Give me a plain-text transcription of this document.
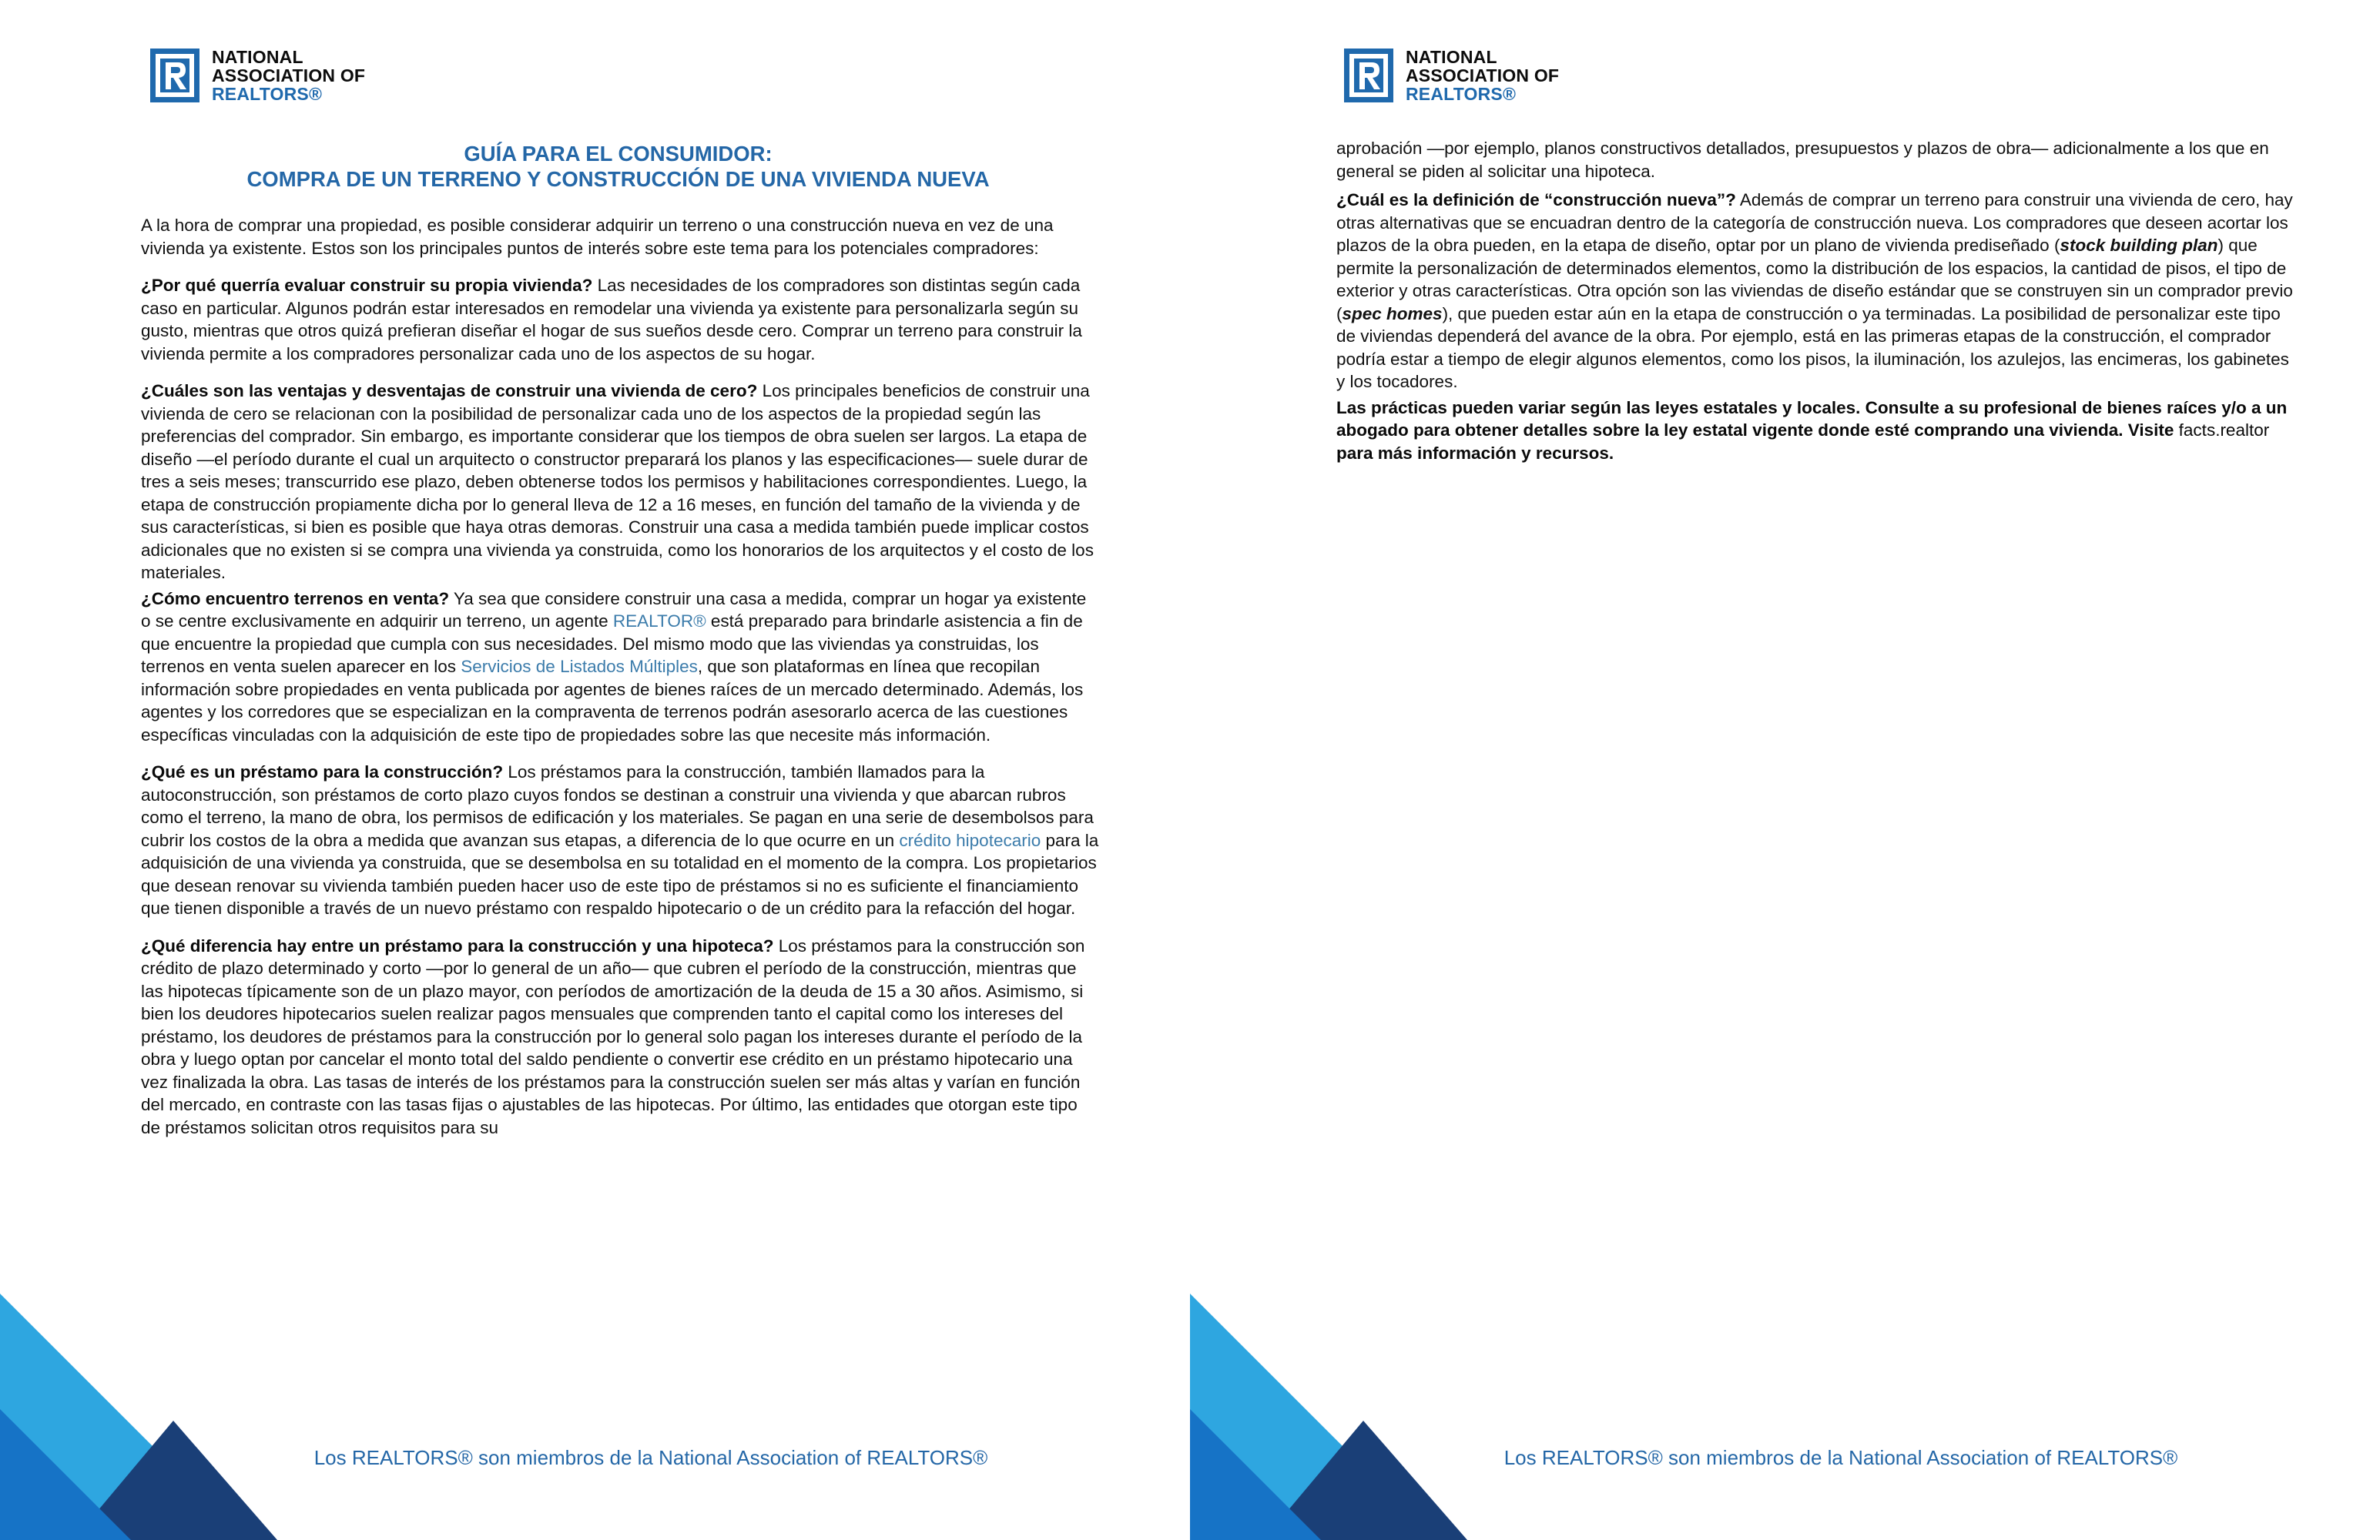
NATIONAL
ASSOCIATION OF
REALTORS®
GUÍA PARA EL CONSUMIDOR:
COMPRA DE UN TERRENO Y CONSTRUCCIÓN DE UNA VIVIENDA NUEVA

A la hora de comprar una propiedad, es posible considerar adquirir un terreno o una construcción nueva en vez de una vivienda ya existente. Estos son los principales puntos de interés sobre este tema para los potenciales compradores:

¿Por qué querría evaluar construir su propia vivienda? Las necesidades de los compradores son distintas según cada caso en particular. Algunos podrán estar interesados en remodelar una vivienda ya existente para personalizarla según su gusto, mientras que otros quizá prefieran diseñar el hogar de sus sueños desde cero. Comprar un terreno para construir la vivienda permite a los compradores personalizar cada uno de los aspectos de su hogar.

¿Cuáles son las ventajas y desventajas de construir una vivienda de cero? Los principales beneficios de construir una vivienda de cero se relacionan con la posibilidad de personalizar cada uno de los aspectos de la propiedad según las preferencias del comprador. Sin embargo, es importante considerar que los tiempos de obra suelen ser largos. La etapa de diseño —el período durante el cual un arquitecto o constructor preparará los planos y las especificaciones— suele durar de tres a seis meses; transcurrido ese plazo, deben obtenerse todos los permisos y habilitaciones correspondientes. Luego, la etapa de construcción propiamente dicha por lo general lleva de 12 a 16 meses, en función del tamaño de la vivienda y de sus características, si bien es posible que haya otras demoras. Construir una casa a medida también puede implicar costos adicionales que no existen si se compra una vivienda ya construida, como los honorarios de los arquitectos y el costo de los materiales.

¿Cómo encuentro terrenos en venta? Ya sea que considere construir una casa a medida, comprar un hogar ya existente o se centre exclusivamente en adquirir un terreno, un agente REALTOR® está preparado para brindarle asistencia a fin de que encuentre la propiedad que cumpla con sus necesidades. Del mismo modo que las viviendas ya construidas, los terrenos en venta suelen aparecer en los Servicios de Listados Múltiples, que son plataformas en línea que recopilan información sobre propiedades en venta publicada por agentes de bienes raíces de un mercado determinado. Además, los agentes y los corredores que se especializan en la compraventa de terrenos podrán asesorarlo acerca de las cuestiones específicas vinculadas con la adquisición de este tipo de propiedades sobre las que necesite más información.

¿Qué es un préstamo para la construcción? Los préstamos para la construcción, también llamados para la autoconstrucción, son préstamos de corto plazo cuyos fondos se destinan a construir una vivienda y que abarcan rubros como el terreno, la mano de obra, los permisos de edificación y los materiales. Se pagan en una serie de desembolsos para cubrir los costos de la obra a medida que avanzan sus etapas, a diferencia de lo que ocurre en un crédito hipotecario para la adquisición de una vivienda ya construida, que se desembolsa en su totalidad en el momento de la compra. Los propietarios que desean renovar su vivienda también pueden hacer uso de este tipo de préstamos si no es suficiente el financiamiento que tienen disponible a través de un nuevo préstamo con respaldo hipotecario o de un crédito para la refacción del hogar.

¿Qué diferencia hay entre un préstamo para la construcción y una hipoteca? Los préstamos para la construcción son crédito de plazo determinado y corto —por lo general de un año— que cubren el período de la construcción, mientras que las hipotecas típicamente son de un plazo mayor, con períodos de amortización de la deuda de 15 a 30 años. Asimismo, si bien los deudores hipotecarios suelen realizar pagos mensuales que comprenden tanto el capital como los intereses del préstamo, los deudores de préstamos para la construcción por lo general solo pagan los intereses durante el período de la obra y luego optan por cancelar el monto total del saldo pendiente o convertir ese crédito en un préstamo hipotecario una vez finalizada la obra. Las tasas de interés de los préstamos para la construcción suelen ser más altas y varían en función del mercado, en contraste con las tasas fijas o ajustables de las hipotecas. Por último, las entidades que otorgan este tipo de préstamos solicitan otros requisitos para su

Los REALTORS® son miembros de la National Association of REALTORS®
NATIONAL
ASSOCIATION OF
REALTORS®

aprobación —por ejemplo, planos constructivos detallados, presupuestos y plazos de obra— adicionalmente a los que en general se piden al solicitar una hipoteca.

¿Cuál es la definición de “construcción nueva”? Además de comprar un terreno para construir una vivienda de cero, hay otras alternativas que se encuadran dentro de la categoría de construcción nueva. Los compradores que deseen acortar los plazos de la obra pueden, en la etapa de diseño, optar por un plano de vivienda prediseñado (stock building plan) que permite la personalización de determinados elementos, como la distribución de los espacios, la cantidad de pisos, el tipo de exterior y otras características. Otra opción son las viviendas de diseño estándar que se construyen sin un comprador previo (spec homes), que pueden estar aún en la etapa de construcción o ya terminadas. La posibilidad de personalizar este tipo de viviendas dependerá del avance de la obra. Por ejemplo, está en las primeras etapas de la construcción, el comprador podría estar a tiempo de elegir algunos elementos, como los pisos, la iluminación, los azulejos, las encimeras, los gabinetes y los tocadores.

Las prácticas pueden variar según las leyes estatales y locales. Consulte a su profesional de bienes raíces y/o a un abogado para obtener detalles sobre la ley estatal vigente donde esté comprando una vivienda. Visite facts.realtor para más información y recursos.

Los REALTORS® son miembros de la National Association of REALTORS®
